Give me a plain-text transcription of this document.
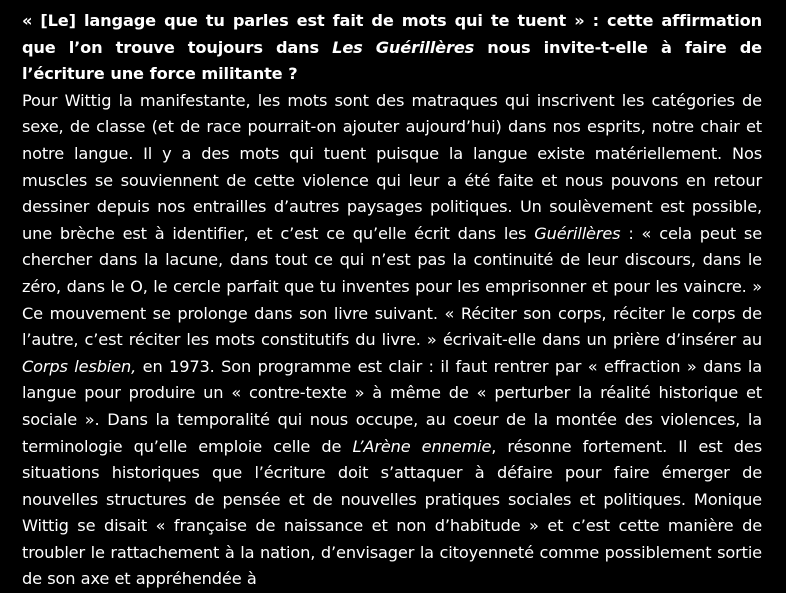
« [Le] langage que tu parles est fait de mots qui te tuent » : cette affirmation que l’on trouve toujours dans Les Guérillères nous invite-t-elle à faire de l’écriture une force militante ?

Pour Wittig la manifestante, les mots sont des matraques qui inscrivent les catégories de sexe, de classe (et de race pourrait-on ajouter aujourd’hui) dans nos esprits, notre chair et notre langue. Il y a des mots qui tuent puisque la langue existe matériellement. Nos muscles se souviennent de cette violence qui leur a été faite et nous pouvons en retour dessiner depuis nos entrailles d’autres paysages politiques. Un soulèvement est possible, une brèche est à identifier, et c’est ce qu’elle écrit dans les Guérillères : « cela peut se chercher dans la lacune, dans tout ce qui n’est pas la continuité de leur discours, dans le zéro, dans le O, le cercle parfait que tu inventes pour les emprisonner et pour les vaincre. » Ce mouvement se prolonge dans son livre suivant. « Réciter son corps, réciter le corps de l’autre, c’est réciter les mots constitutifs du livre. » écrivait-elle dans un prière d’insérer au Corps lesbien, en 1973. Son programme est clair : il faut rentrer par « effraction » dans la langue pour produire un « contre-texte » à même de « perturber la réalité historique et sociale ». Dans la temporalité qui nous occupe, au coeur de la montée des violences, la terminologie qu’elle emploie celle de L’Arène ennemie, résonne fortement. Il est des situations historiques que l’écriture doit s’attaquer à défaire pour faire émerger de nouvelles structures de pensée et de nouvelles pratiques sociales et politiques. Monique Wittig se disait « française de naissance et non d’habitude » et c’est cette manière de troubler le rattachement à la nation, d’envisager la citoyenneté comme possiblement sortie de son axe et appréhendée à
